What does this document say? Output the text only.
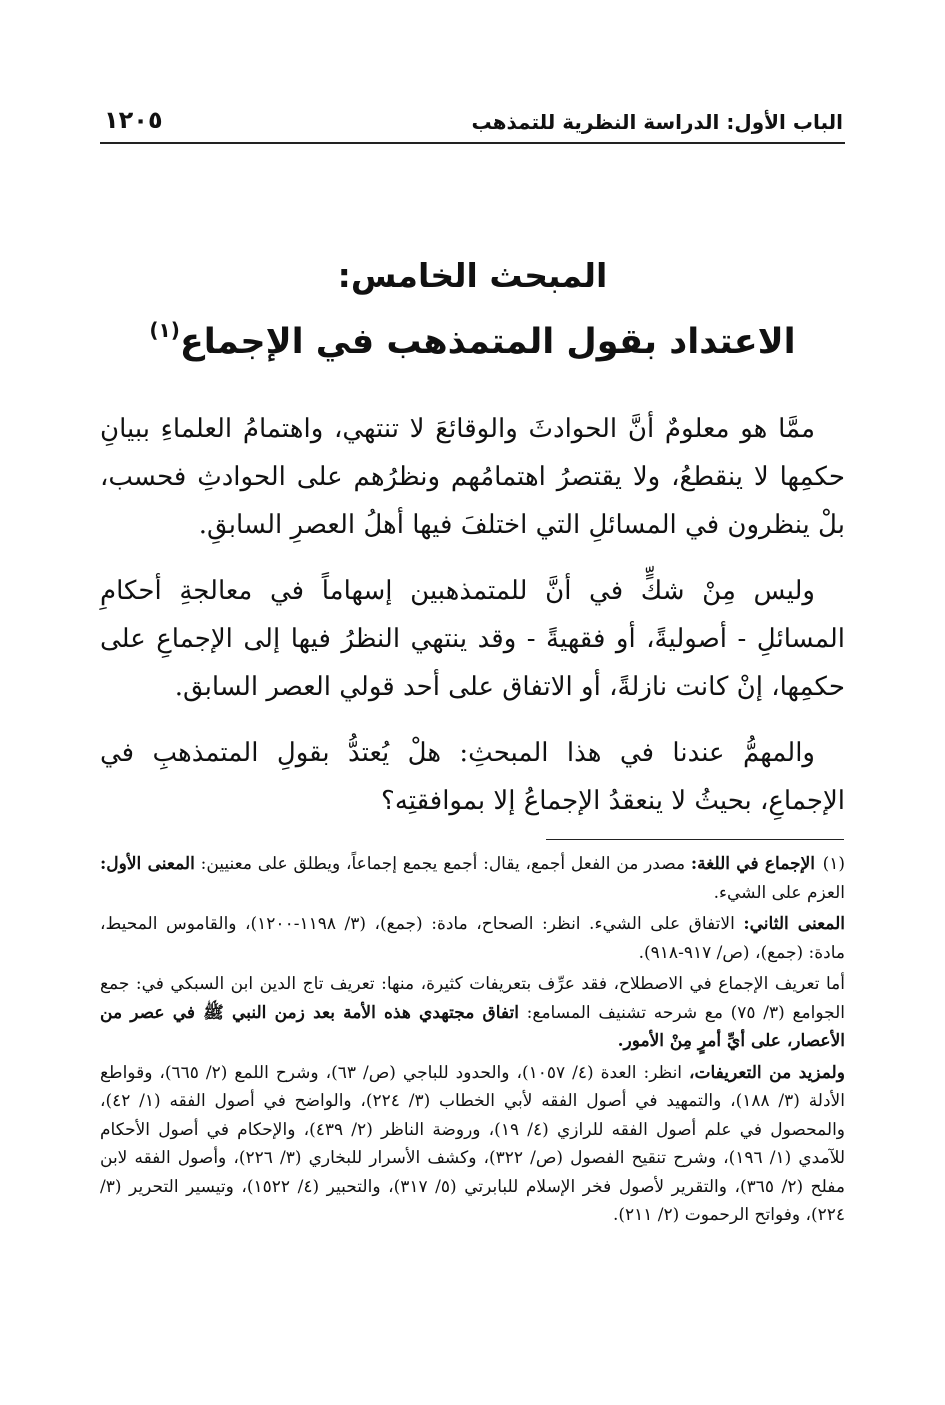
الباب الأول: الدراسة النظرية للتمذهب
١٢٠٥
المبحث الخامس:
الاعتداد بقول المتمذهب في الإجماع$^{(١)}$

ممَّا هو معلومٌ أنَّ الحوادثَ والوقائعَ لا تنتهي، واهتمامُ العلماءِ ببيانِ حكمِها لا ينقطعُ، ولا يقتصرُ اهتمامُهم ونظرُهم على الحوادثِ فحسب، بلْ ينظرون في المسائلِ التي اختلفَ فيها أهلُ العصرِ السابقِ.

وليس مِنْ شكٍّ في أنَّ للمتمذهبين إسهاماً في معالجةِ أحكامِ المسائلِ - أصوليةً، أو فقهيةً - وقد ينتهي النظرُ فيها إلى الإجماعِ على حكمِها، إنْ كانت نازلةً، أو الاتفاق على أحد قولي العصر السابق.

والمهمُّ عندنا في هذا المبحثِ: هلْ يُعتدُّ بقولِ المتمذهبِ في الإجماعِ، بحيثُ لا ينعقدُ الإجماعُ إلا بموافقتِه؟

(١)الإجماع في اللغة: مصدر من الفعل أجمع، يقال: أجمع يجمع إجماعاً، ويطلق على معنيين: المعنى الأول: العزم على الشيء.

المعنى الثاني: الاتفاق على الشيء. انظر: الصحاح، مادة: (جمع)، (٣/ ١١٩٨-١٢٠٠)، والقاموس المحيط، مادة: (جمع)، (ص/ ٩١٧-٩١٨).

أما تعريف الإجماع في الاصطلاح، فقد عرِّف بتعريفات كثيرة، منها: تعريف تاج الدين ابن السبكي في: جمع الجوامع (٣/ ٧٥) مع شرحه تشنيف المسامع: اتفاق مجتهدي هذه الأمة بعد زمن النبي ﷺ في عصر من الأعصار، على أيِّ أمرٍ مِنْ الأمور.

ولمزيد من التعريفات، انظر: العدة (٤/ ١٠٥٧)، والحدود للباجي (ص/ ٦٣)، وشرح اللمع (٢/ ٦٦٥)، وقواطع الأدلة (٣/ ١٨٨)، والتمهيد في أصول الفقه لأبي الخطاب (٣/ ٢٢٤)، والواضح في أصول الفقه (١/ ٤٢)، والمحصول في علم أصول الفقه للرازي (٤/ ١٩)، وروضة الناظر (٢/ ٤٣٩)، والإحكام في أصول الأحكام للآمدي (١/ ١٩٦)، وشرح تنقيح الفصول (ص/ ٣٢٢)، وكشف الأسرار للبخاري (٣/ ٢٢٦)، وأصول الفقه لابن مفلح (٢/ ٣٦٥)، والتقرير لأصول فخر الإسلام للبابرتي (٥/ ٣١٧)، والتحبير (٤/ ١٥٢٢)، وتيسير التحرير (٣/ ٢٢٤)، وفواتح الرحموت (٢/ ٢١١).
